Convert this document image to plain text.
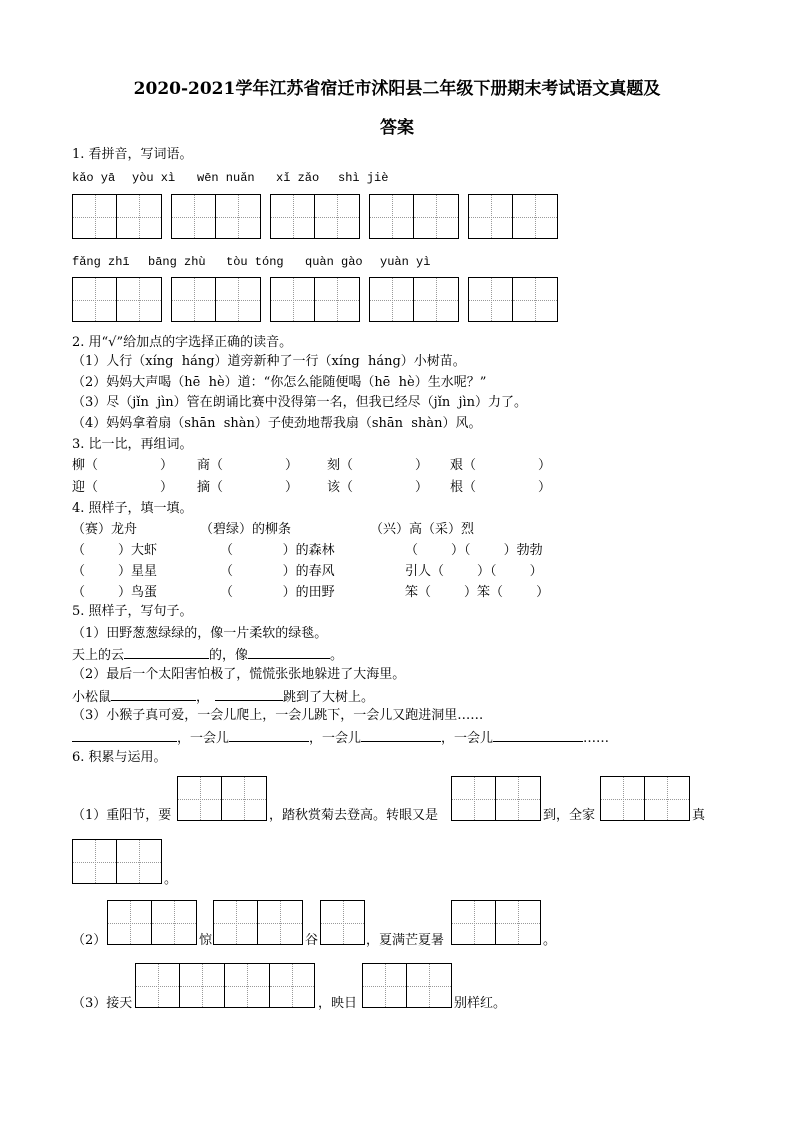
2020-2021学年江苏省宿迁市沭阳县二年级下册期末考试语文真题及
答案
1. 看拼音，写词语。
kǎo yā yòu xì wēn nuǎn xǐ zǎo shì jiè
fǎng zhī bāng zhù tòu tóng quàn gào yuàn yì
2. 用“√”给加点的字选择正确的读音。
（1）人行（xíng  háng）道旁新种了一行（xíng  háng）小树苗。
（2）妈妈大声喝（hē  hè）道：“你怎么能随便喝（hē  hè）生水呢？”
（3）尽（jǐn  jìn）管在朗诵比赛中没得第一名，但我已经尽（jǐn  jìn）力了。
（4）妈妈拿着扇（shān  shàn）子使劲地帮我扇（shān  shàn）风。
3. 比一比，再组词。
柳（	） 商（	） 刻（	） 艰（	）
迎（	） 摘（	） 该（	） 根（	）
4. 照样子，填一填。
（赛）龙舟	（碧绿）的柳条	（兴）高（采）烈
（        ）大虾	（            ）的森林	（        ）（        ）勃勃
（        ）星星	（            ）的春风	引人（        ）（        ）
（        ）鸟蛋	（            ）的田野	笨（        ）笨（        ）
5. 照样子，写句子。
（1）田野葱葱绿绿的，像一片柔软的绿毯。
天上的云	的，像	。
（2）最后一个太阳害怕极了，慌慌张张地躲进了大海里。
小松鼠	，	跳到了大树上。
（3）小猴子真可爱，一会儿爬上，一会儿跳下，一会儿又跑进洞里……
，一会儿	，一会儿	，一会儿	……
6. 积累与运用。
（1）重阳节，要	，踏秋赏菊去登高。转眼又是	到，全家	真
。
（2）	惊	谷	，夏满芒夏暑	。
（3）接天	，映日	别样红。
